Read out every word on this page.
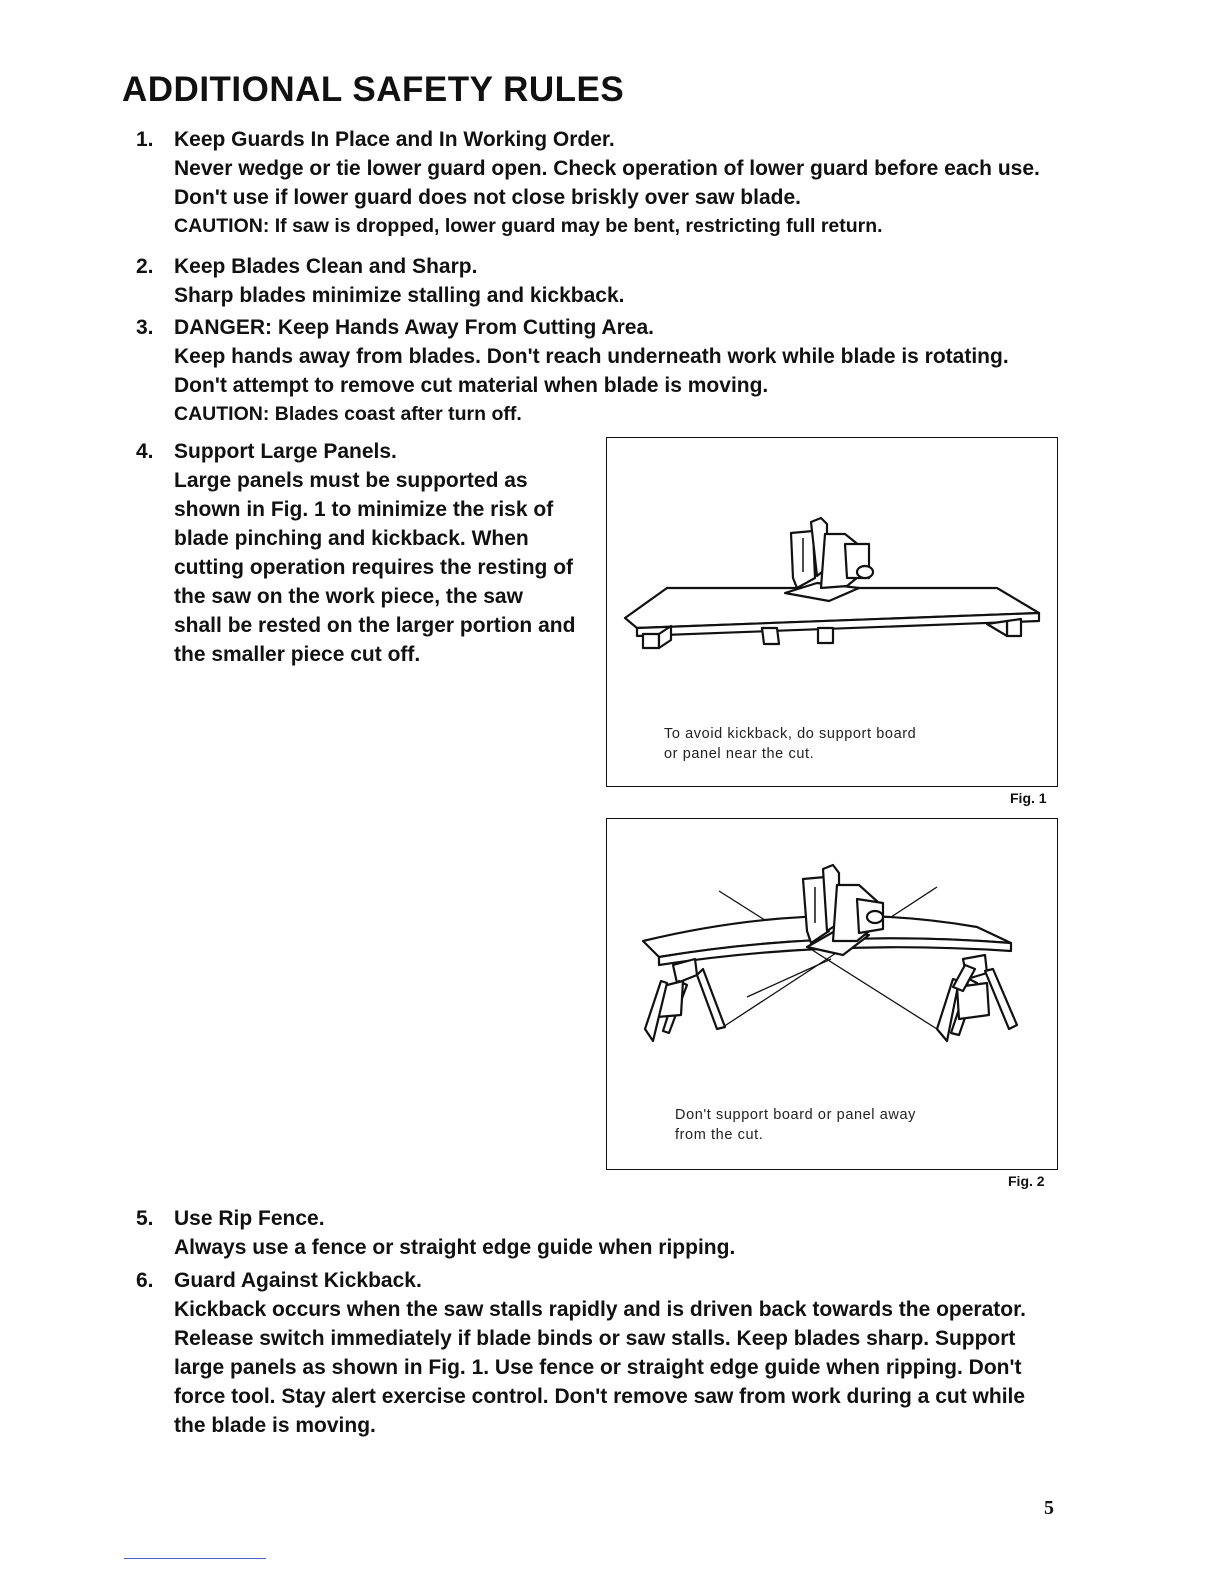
ADDITIONAL SAFETY RULES
1. Keep Guards In Place and In Working Order.
Never wedge or tie lower guard open. Check operation of lower guard before each use. Don't use if lower guard does not close briskly over saw blade.
CAUTION: If saw is dropped, lower guard may be bent, restricting full return.
2. Keep Blades Clean and Sharp.
Sharp blades minimize stalling and kickback.
3. DANGER: Keep Hands Away From Cutting Area.
Keep hands away from blades. Don't reach underneath work while blade is rotating. Don't attempt to remove cut material when blade is moving.
CAUTION: Blades coast after turn off.
4. Support Large Panels.
Large panels must be supported as shown in Fig. 1 to minimize the risk of blade pinching and kickback. When cutting operation requires the resting of the saw on the work piece, the saw shall be rested on the larger portion and the smaller piece cut off.
To avoid kickback, do support board
or panel near the cut.
Fig. 1
Don't support board or panel away
from the cut.
Fig. 2
5. Use Rip Fence.
Always use a fence or straight edge guide when ripping.
6. Guard Against Kickback.
Kickback occurs when the saw stalls rapidly and is driven back towards the operator. Release switch immediately if blade binds or saw stalls. Keep blades sharp. Support large panels as shown in Fig. 1. Use fence or straight edge guide when ripping. Don't force tool. Stay alert exercise control. Don't remove saw from work during a cut while the blade is moving.
5
